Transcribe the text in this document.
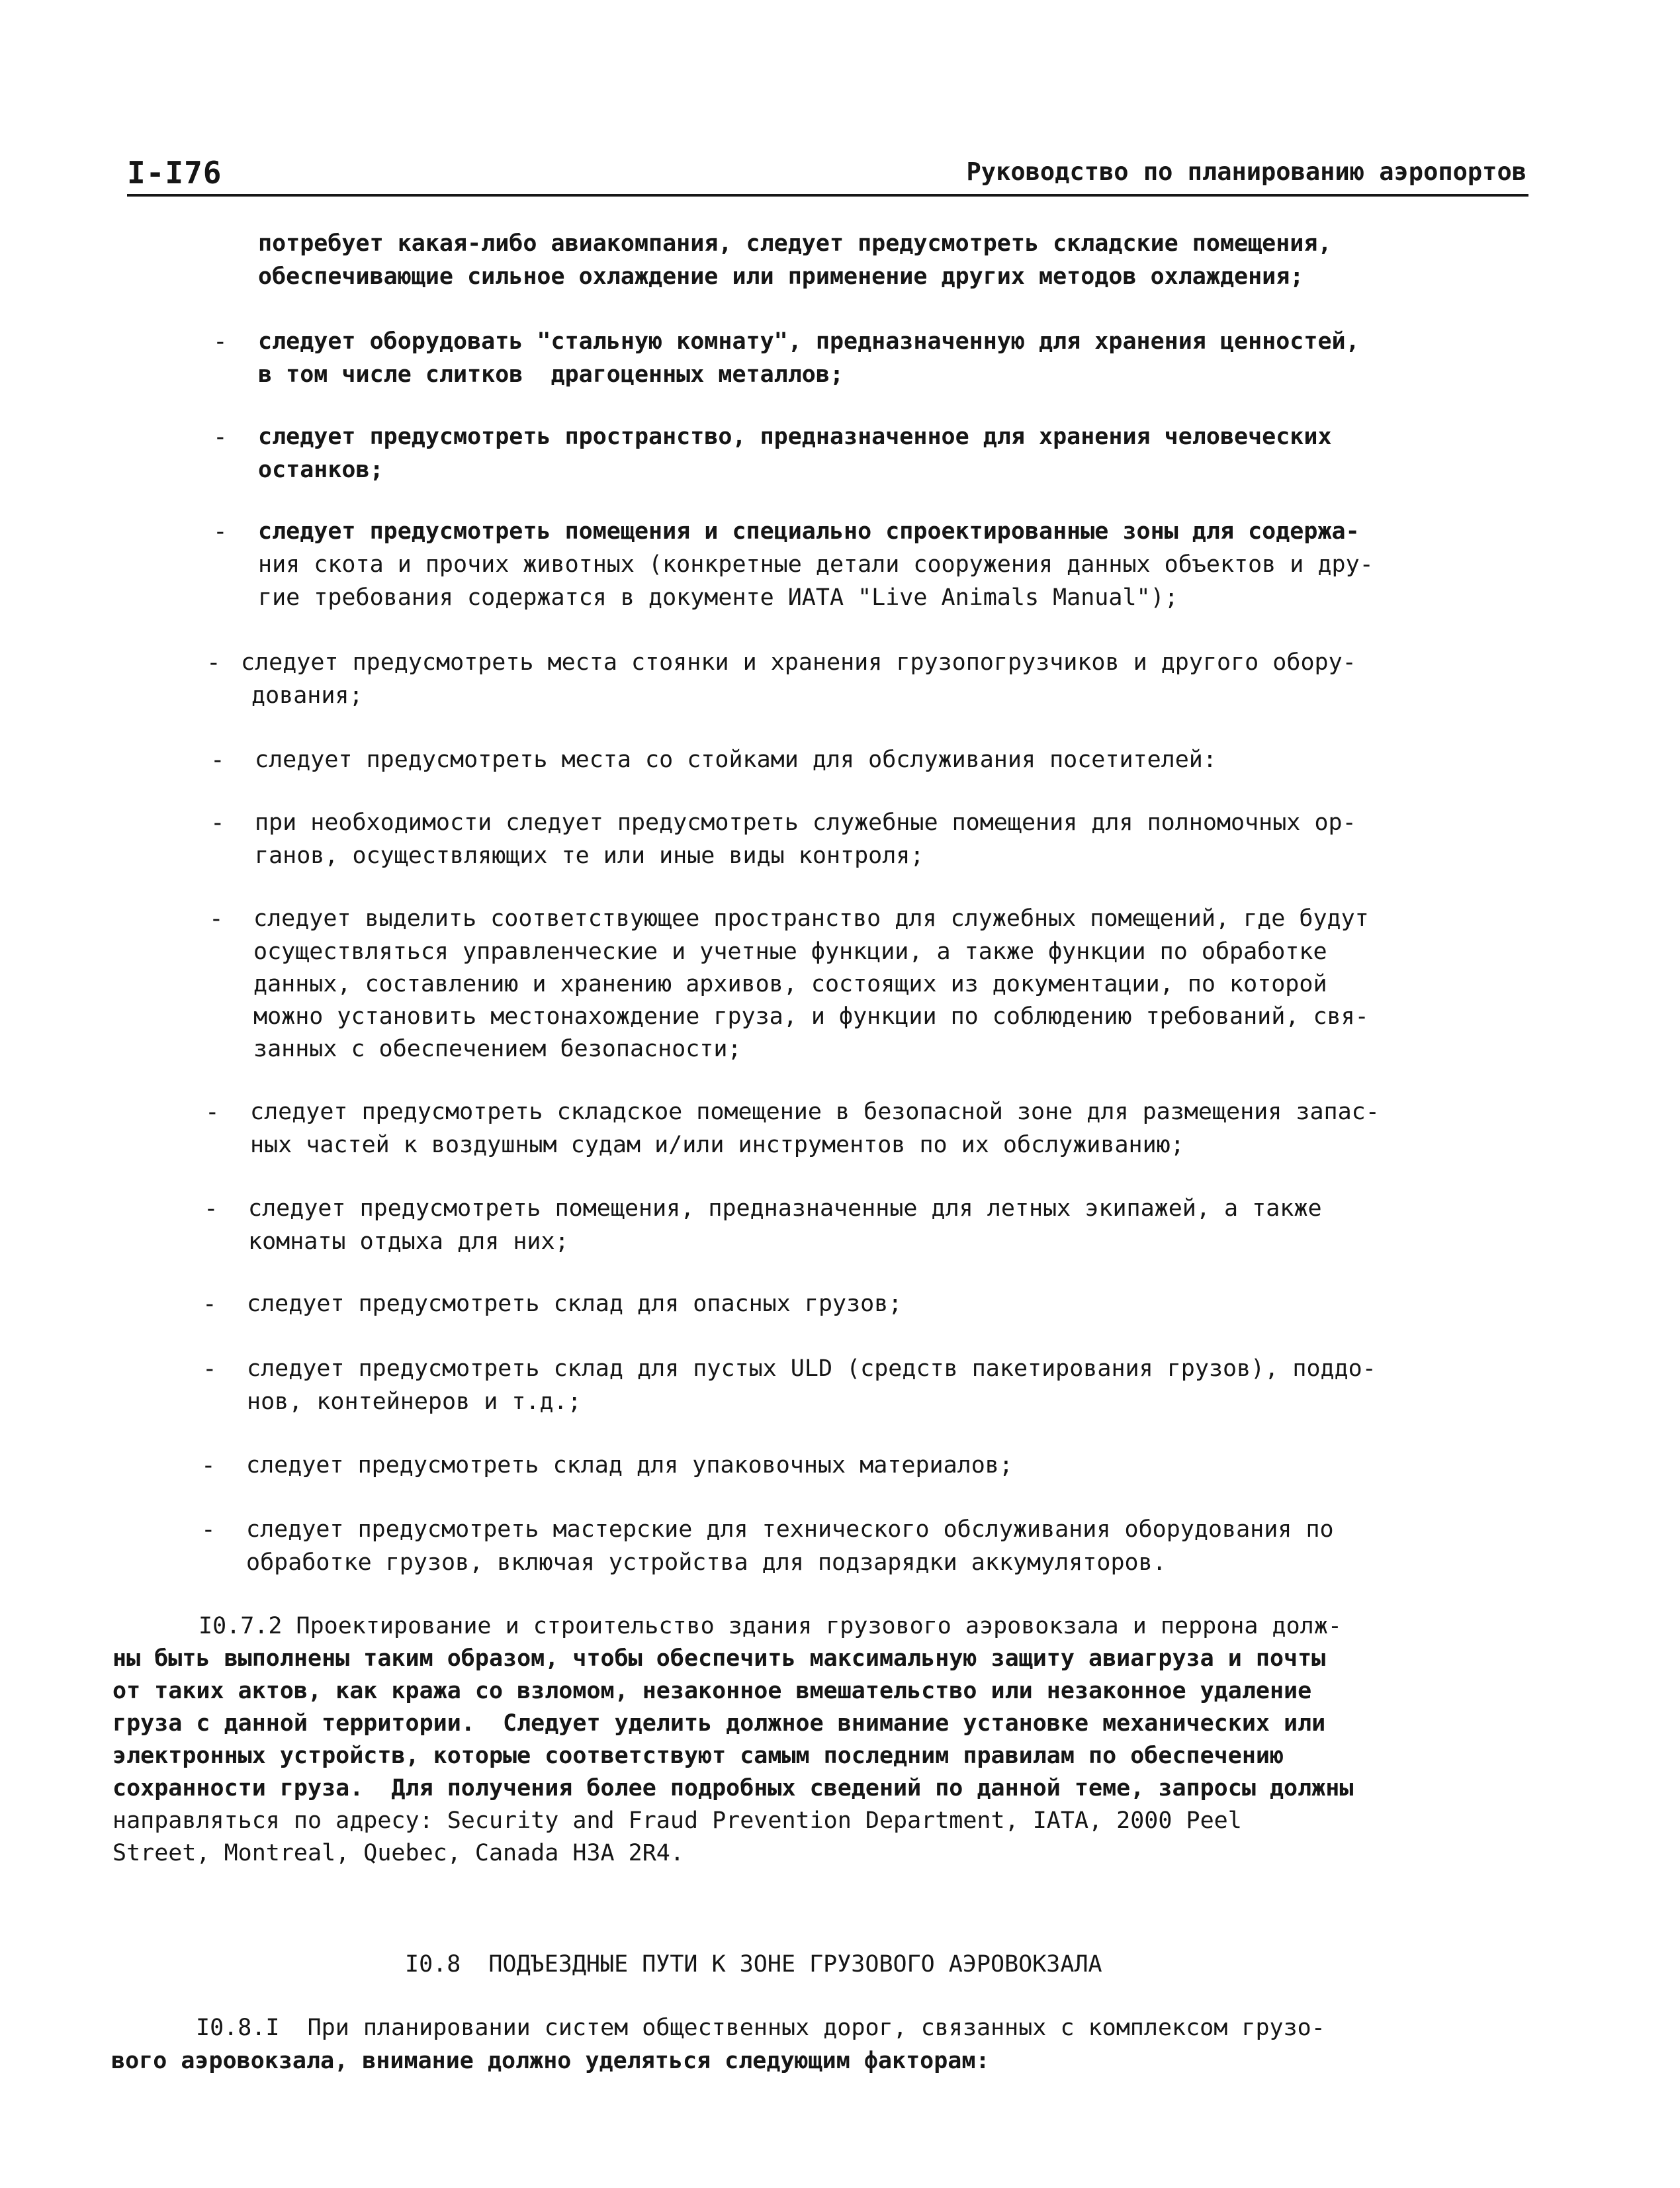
I-I76	Руководство по планированию аэропортов

потребует какая-либо авиакомпания, следует предусмотреть складские помещения,

обеспечивающие сильное охлаждение или применение других методов охлаждения;

- следует оборудовать "стальную комнату", предназначенную для хранения ценностей,

в том числе слитков  драгоценных металлов;

- следует предусмотреть пространство, предназначенное для хранения человеческих

останков;

- следует предусмотреть помещения и специально спроектированные зоны для содержа-

ния скота и прочих животных (конкретные детали сооружения данных объектов и дру-

гие требования содержатся в документе ИАТА "Live Animals Manual");

- следует предусмотреть места стоянки и хранения грузопогрузчиков и другого обору-

дования;

- следует предусмотреть места со стойками для обслуживания посетителей:

- при необходимости следует предусмотреть служебные помещения для полномочных ор-

ганов, осуществляющих те или иные виды контроля;

- следует выделить соответствующее пространство для служебных помещений, где будут

осуществляться управленческие и учетные функции, а также функции по обработке

данных, составлению и хранению архивов, состоящих из документации, по которой

можно установить местонахождение груза, и функции по соблюдению требований, свя-

занных с обеспечением безопасности;

- следует предусмотреть складское помещение в безопасной зоне для размещения запас-

ных частей к воздушным судам и/или инструментов по их обслуживанию;

- следует предусмотреть помещения, предназначенные для летных экипажей, а также

комнаты отдыха для них;

- следует предусмотреть склад для опасных грузов;

- следует предусмотреть склад для пустых ULD (средств пакетирования грузов), поддо-

нов, контейнеров и т.д.;

- следует предусмотреть склад для упаковочных материалов;

- следует предусмотреть мастерские для технического обслуживания оборудования по

обработке грузов, включая устройства для подзарядки аккумуляторов.

I0.7.2 Проектирование и строительство здания грузового аэровокзала и перрона долж-

ны быть выполнены таким образом, чтобы обеспечить максимальную защиту авиагруза и почты

от таких актов, как кража со взломом, незаконное вмешательство или незаконное удаление

груза с данной территории.  Следует уделить должное внимание установке механических или

электронных устройств, которые соответствуют самым последним правилам по обеспечению

сохранности груза.  Для получения более подробных сведений по данной теме, запросы должны

направляться по адресу: Security and Fraud Prevention Department, IATA, 2000 Peel

Street, Montreal, Quebec, Canada H3A 2R4.

I0.8  ПОДЪЕЗДНЫЕ ПУТИ К ЗОНЕ ГРУЗОВОГО АЭРОВОКЗАЛА

I0.8.I  При планировании систем общественных дорог, связанных с комплексом грузо-

вого аэровокзала, внимание должно уделяться следующим факторам:
